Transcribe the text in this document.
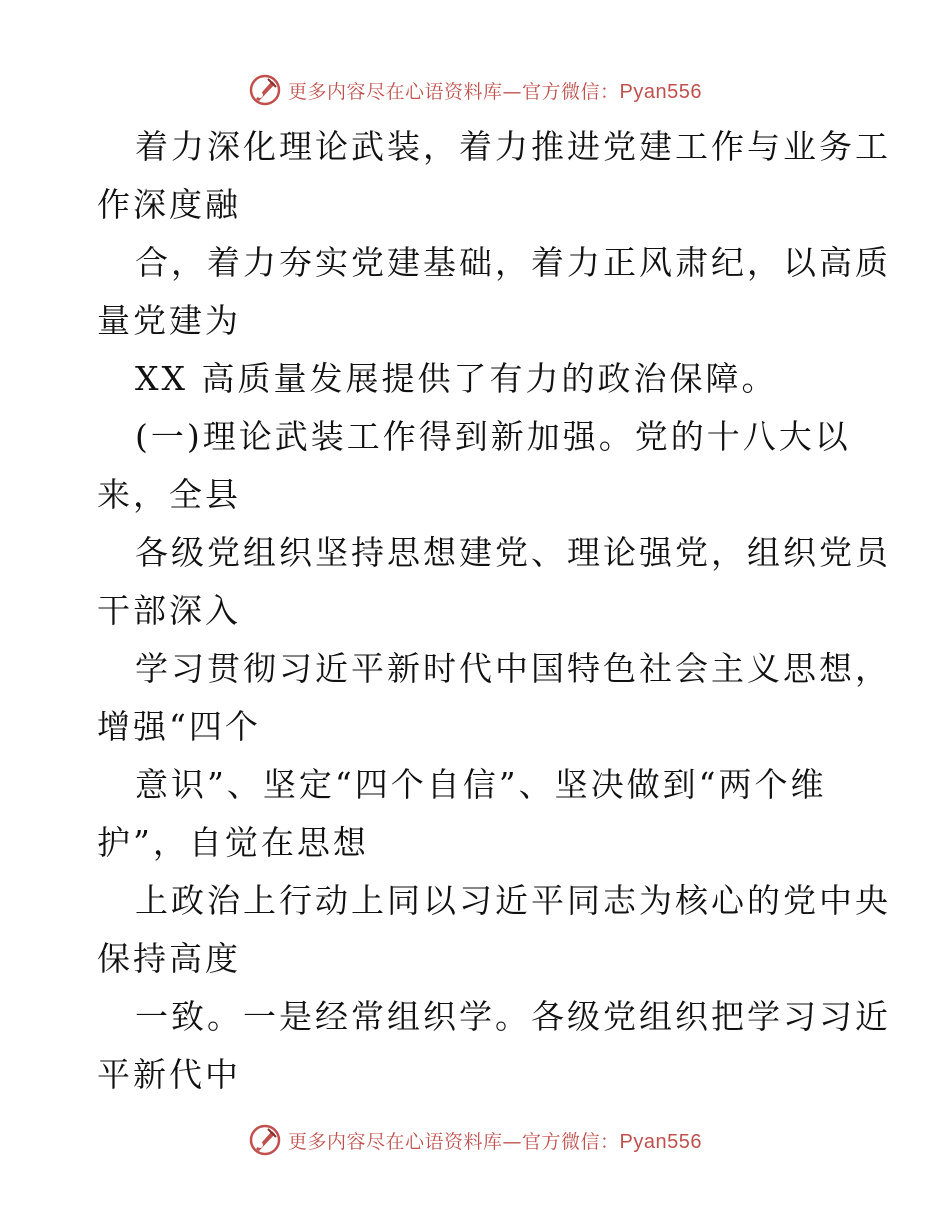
更多内容尽在心语资料库—官方微信：Pyan556
着力深化理论武装，着力推进党建工作与业务工
作深度融
合，着力夯实党建基础，着力正风肃纪，以高质
量党建为
XX 高质量发展提供了有力的政治保障。
(一)理论武装工作得到新加强。党的十八大以
来，全县
各级党组织坚持思想建党、理论强党，组织党员
干部深入
学习贯彻习近平新时代中国特色社会主义思想，
增强“四个
意识”、坚定“四个自信”、坚决做到“两个维
护”，自觉在思想
上政治上行动上同以习近平同志为核心的党中央
保持高度
一致。一是经常组织学。各级党组织把学习习近
平新代中
更多内容尽在心语资料库—官方微信：Pyan556
